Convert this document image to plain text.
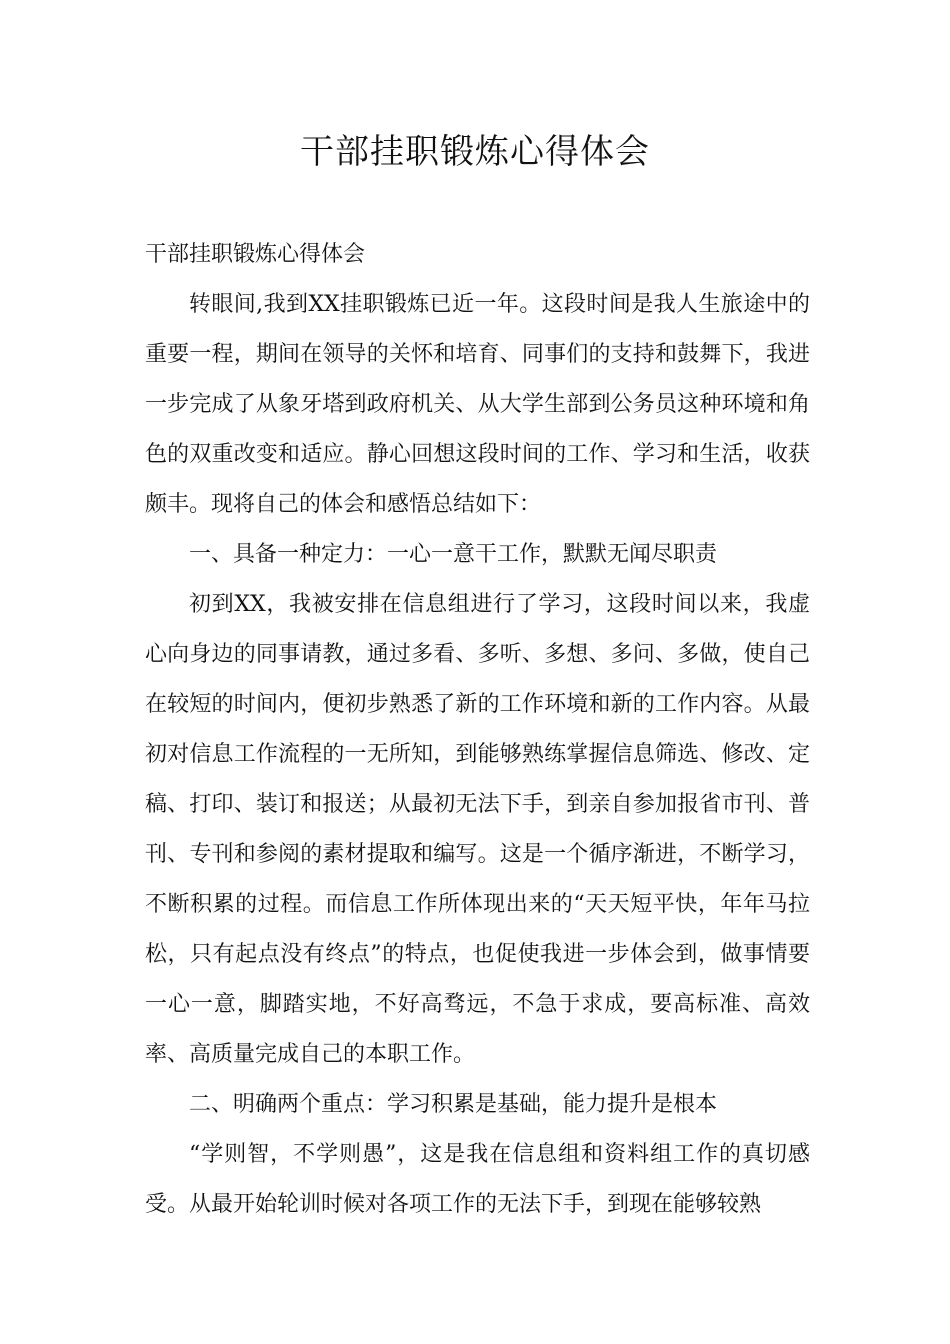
干部挂职锻炼心得体会

干部挂职锻炼心得体会

转眼间,我到XX挂职锻炼已近一年。这段时间是我人生旅途中的重要一程，期间在领导的关怀和培育、同事们的支持和鼓舞下，我进一步完成了从象牙塔到政府机关、从大学生部到公务员这种环境和角色的双重改变和适应。静心回想这段时间的工作、学习和生活，收获颇丰。现将自己的体会和感悟总结如下：

一、具备一种定力：一心一意干工作，默默无闻尽职责

初到XX，我被安排在信息组进行了学习，这段时间以来，我虚心向身边的同事请教，通过多看、多听、多想、多问、多做，使自己在较短的时间内，便初步熟悉了新的工作环境和新的工作内容。从最初对信息工作流程的一无所知，到能够熟练掌握信息筛选、修改、定稿、打印、装订和报送；从最初无法下手，到亲自参加报省市刊、普刊、专刊和参阅的素材提取和编写。这是一个循序渐进，不断学习，不断积累的过程。而信息工作所体现出来的“天天短平快，年年马拉松，只有起点没有终点”的特点，也促使我进一步体会到，做事情要一心一意，脚踏实地，不好高骛远，不急于求成，要高标准、高效率、高质量完成自己的本职工作。

二、明确两个重点：学习积累是基础，能力提升是根本

“学则智，不学则愚”，这是我在信息组和资料组工作的真切感受。从最开始轮训时候对各项工作的无法下手，到现在能够较熟
